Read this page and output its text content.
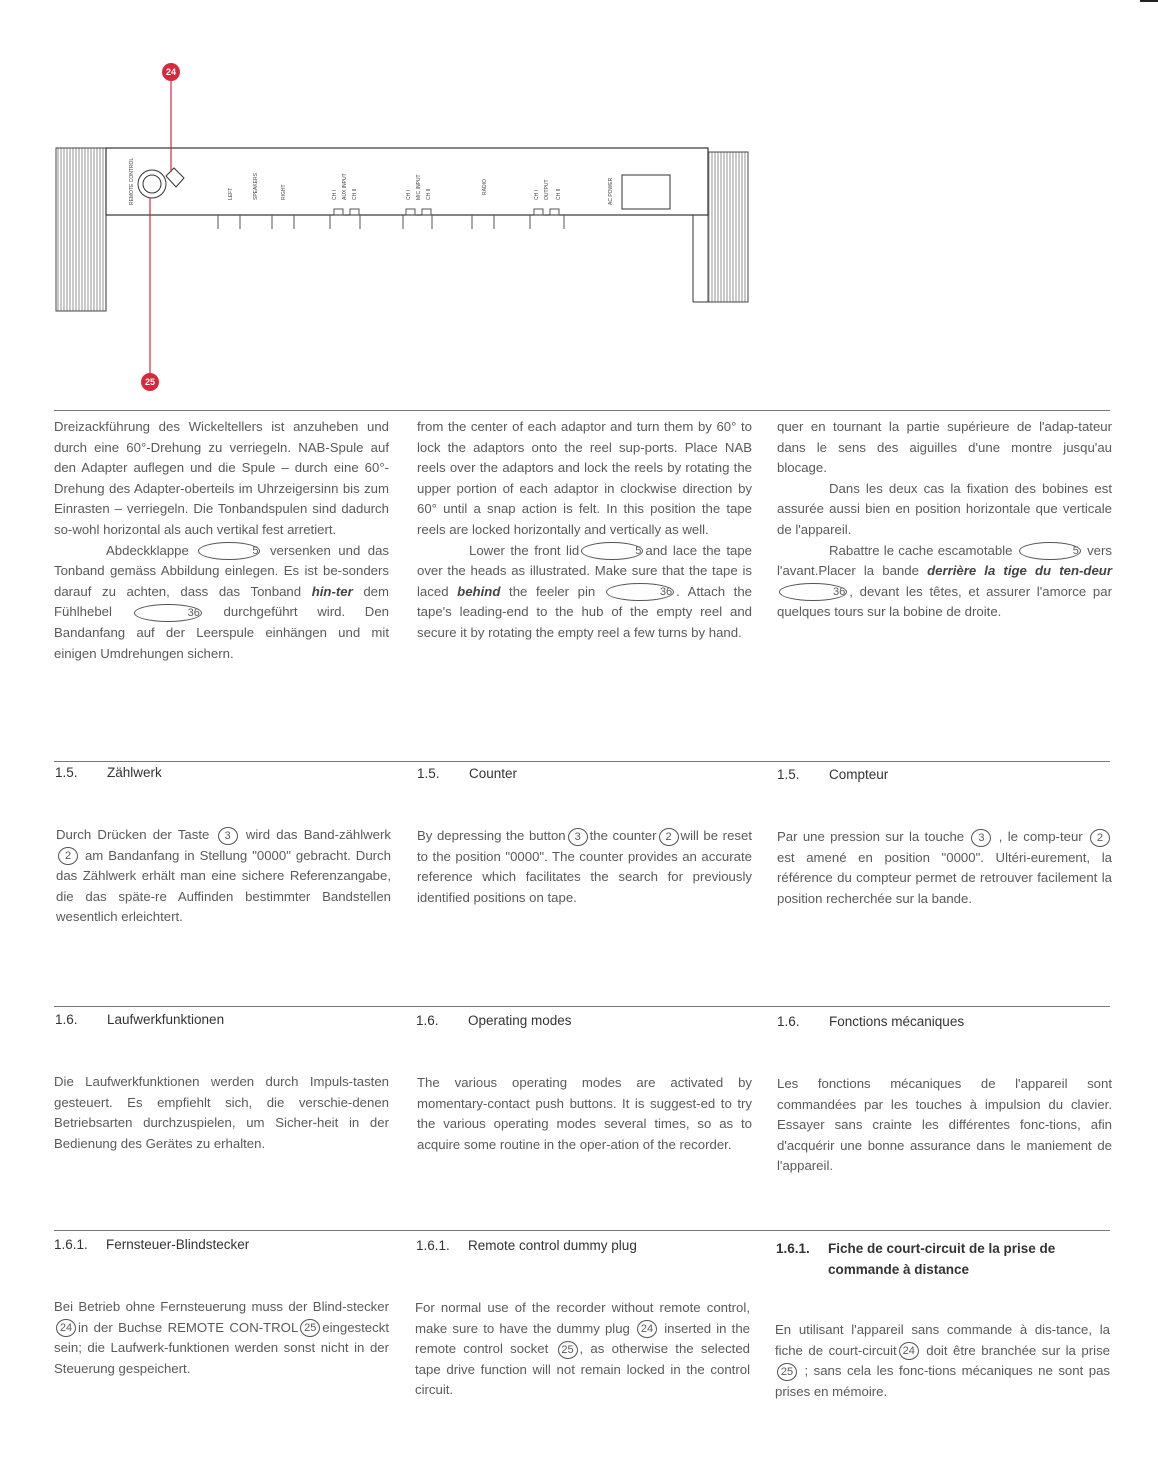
REMOTE CONTROL	LEFT	SPEAKERS	RIGHT	CH I AUX INPUT CH II	CH I MIC INPUT CH II	RADIO	CH I OUTPUT CH II	AC POWER
24
25

Dreizackführung des Wickeltellers ist anzuheben und durch eine 60°-Drehung zu verriegeln. NAB-Spule auf den Adapter auflegen und die Spule – durch eine 60°-Drehung des Adapter-oberteils im Uhrzeigersinn bis zum Einrasten – verriegeln. Die Tonbandspulen sind dadurch so-wohl horizontal als auch vertikal fest arretiert.

Abdeckklappe	5 versenken und das Tonband gemäss Abbildung einlegen. Es ist be-sonders darauf zu achten, dass das Tonband hin-ter dem Fühlhebel	36 durchgeführt wird. Den Bandanfang auf der Leerspule einhängen und mit einigen Umdrehungen sichern.

from the center of each adaptor and turn them by 60° to lock the adaptors onto the reel sup-ports. Place NAB reels over the adaptors and lock the reels by rotating the upper portion of each adaptor in clockwise direction by 60° until a snap action is felt. In this position the tape reels are locked horizontally and vertically as well.

Lower the front lid	5 and lace the tape over the heads as illustrated. Make sure that the tape is laced behind the feeler pin	36 . Attach the tape's leading-end to the hub of the empty reel and secure it by rotating the empty reel a few turns by hand.

quer en tournant la partie supérieure de l'adap-tateur dans le sens des aiguilles d'une montre jusqu'au blocage.

Dans les deux cas la fixation des bobines est assurée aussi bien en position horizontale que verticale de l'appareil.

Rabattre le cache escamotable	5 vers l'avant.Placer la bande derrière la tige du ten-deur 36 , devant les têtes, et assurer l'amorce par quelques tours sur la bobine de droite.

1.5. Zählwerk	1.5. Counter	1.5. Compteur

Durch Drücken der Taste 3 wird das Band-zählwerk 2 am Bandanfang in Stellung "0000" gebracht. Durch das Zählwerk erhält man eine sichere Referenzangabe, die das späte-re Auffinden bestimmter Bandstellen wesentlich erleichtert.

By depressing the button 3 the counter 2 will be reset to the position "0000". The counter provides an accurate reference which facilitates the search for previously identified positions on tape.

Par une pression sur la touche 3 , le comp-teur 2 est amené en position "0000". Ultéri-eurement, la référence du compteur permet de retrouver facilement la position recherchée sur la bande.

1.6. Laufwerkfunktionen	1.6. Operating modes	1.6. Fonctions mécaniques

Die Laufwerkfunktionen werden durch Impuls-tasten gesteuert. Es empfiehlt sich, die verschie-denen Betriebsarten durchzuspielen, um Sicher-heit in der Bedienung des Gerätes zu erhalten.

The various operating modes are activated by momentary-contact push buttons. It is suggest-ed to try the various operating modes several times, so as to acquire some routine in the oper-ation of the recorder.

Les fonctions mécaniques de l'appareil sont commandées par les touches à impulsion du clavier. Essayer sans crainte les différentes fonc-tions, afin d'acquérir une bonne assurance dans le maniement de l'appareil.

1.6.1. Fernsteuer-Blindstecker	1.6.1. Remote control dummy plug	1.6.1. Fiche de court-circuit de la prise de commande à distance

Bei Betrieb ohne Fernsteuerung muss der Blind-stecker24 in der Buchse REMOTE CON-TROL 25 eingesteckt sein; die Laufwerk-funktionen werden sonst nicht in der Steuerung gespeichert.

For normal use of the recorder without remote control, make sure to have the dummy plug 24 inserted in the remote control socket 25 , as otherwise the selected tape drive function will not remain locked in the control circuit.

En utilisant l'appareil sans commande à dis-tance, la fiche de court-circuit 24 doit être branchée sur la prise25 ; sans cela les fonc-tions mécaniques ne sont pas prises en mémoire.
